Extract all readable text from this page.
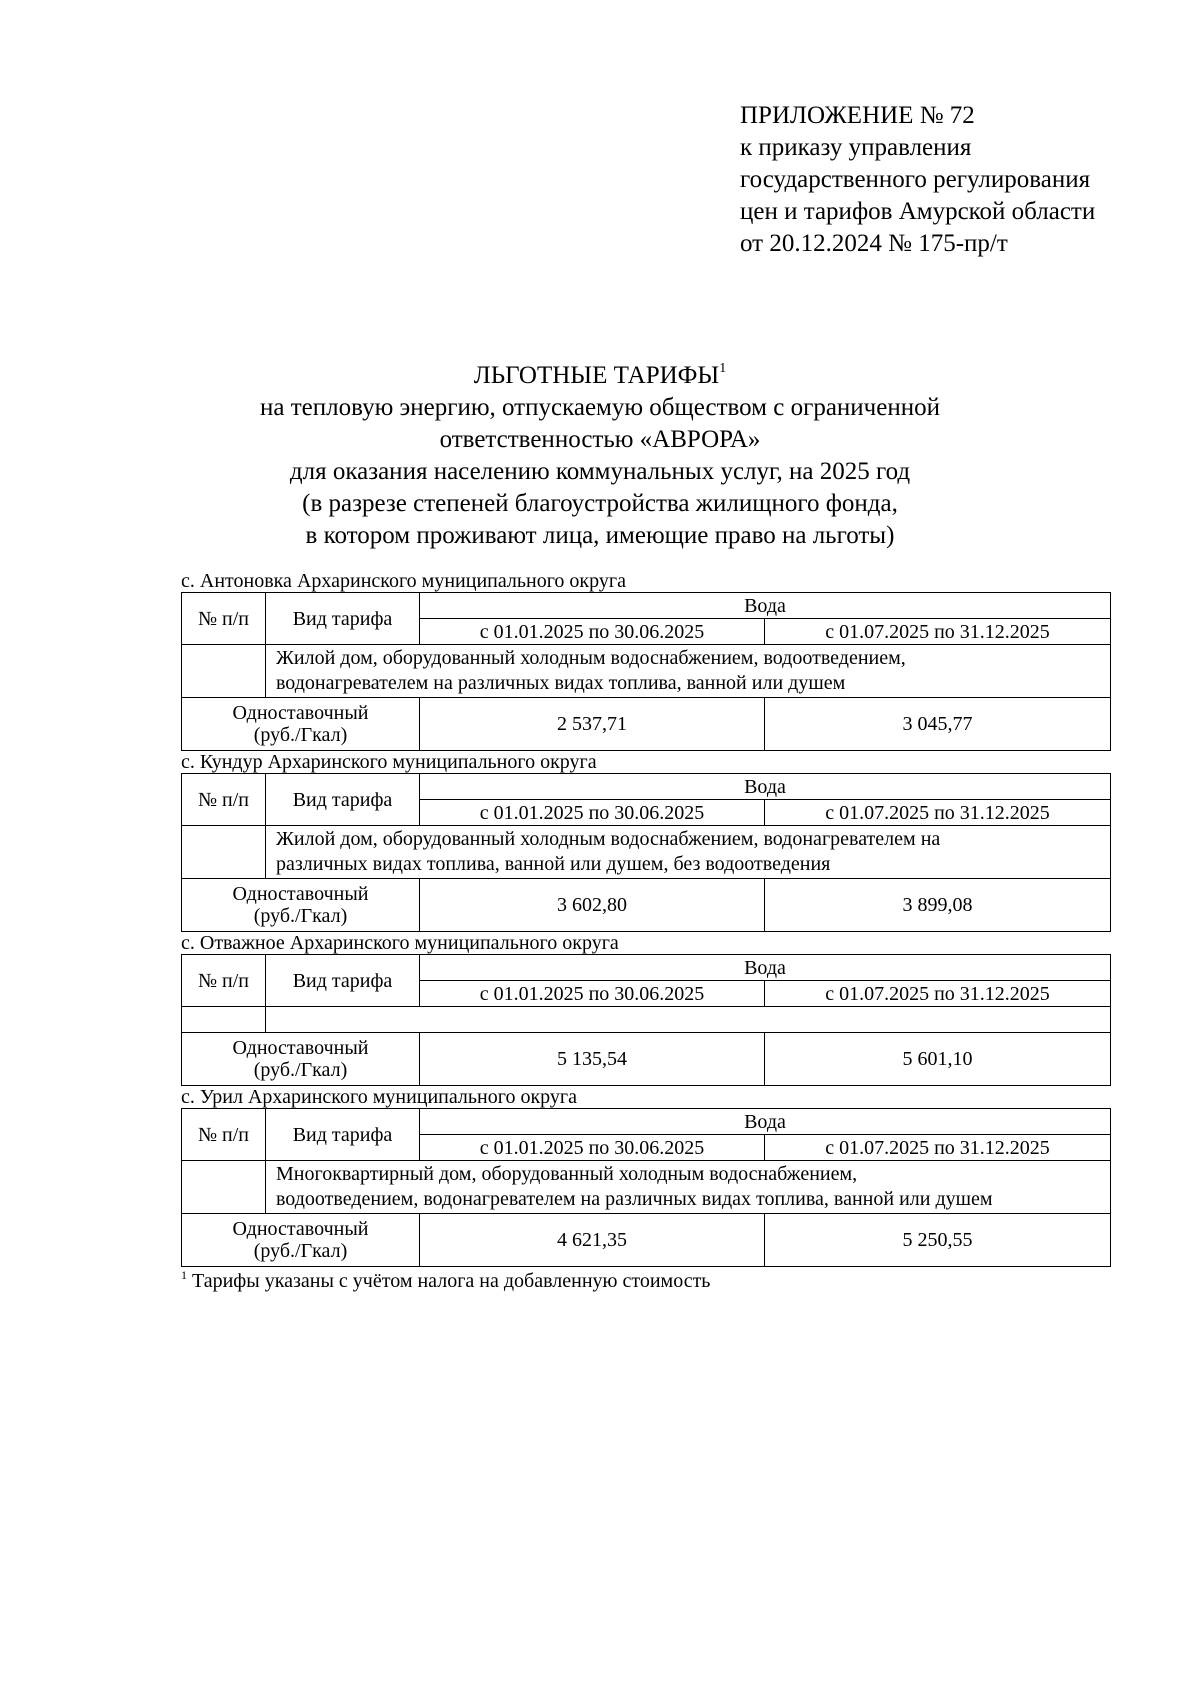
ПРИЛОЖЕНИЕ № 72
к приказу управления
государственного регулирования
цен и тарифов Амурской области
от 20.12.2024 № 175-пр/т
ЛЬГОТНЫЕ ТАРИФЫ$^1$
на тепловую энергию, отпускаемую обществом с ограниченной
ответственностью «АВРОРА»
для оказания населению коммунальных услуг, на 2025 год
(в разрезе степеней благоустройства жилищного фонда,
в котором проживают лица, имеющие право на льготы)
с. Антоновка Архаринского муниципального округа
№ п/п	Вид тарифа	Вода	
		с 01.01.2025 по 30.06.2025	с 01.07.2025 по 31.12.2025

	Жилой дом, оборудованный холодным водоснабжением, водоотведением,
водонагревателем на различных видах топлива, ванной или душем		

Одноставочный
(руб./Гкал)		2 537,71	3 045,77
с. Кундур Архаринского муниципального округа
№ п/п	Вид тарифа	Вода	
		с 01.01.2025 по 30.06.2025	с 01.07.2025 по 31.12.2025

	Жилой дом, оборудованный холодным водоснабжением, водонагревателем на
различных видах топлива, ванной или душем, без водоотведения		

Одноставочный
(руб./Гкал)		3 602,80	3 899,08
с. Отважное Архаринского муниципального округа
№ п/п	Вид тарифа	Вода	
		с 01.01.2025 по 30.06.2025	с 01.07.2025 по 31.12.2025

Одноставочный
(руб./Гкал)		5 135,54	5 601,10
с. Урил Архаринского муниципального округа
№ п/п	Вид тарифа	Вода	
		с 01.01.2025 по 30.06.2025	с 01.07.2025 по 31.12.2025

	Многоквартирный дом, оборудованный холодным водоснабжением,
водоотведением, водонагревателем на различных видах топлива, ванной или душем		

Одноставочный
(руб./Гкал)		4 621,35	5 250,55
$^1$ Тарифы указаны с учётом налога на добавленную стоимость
